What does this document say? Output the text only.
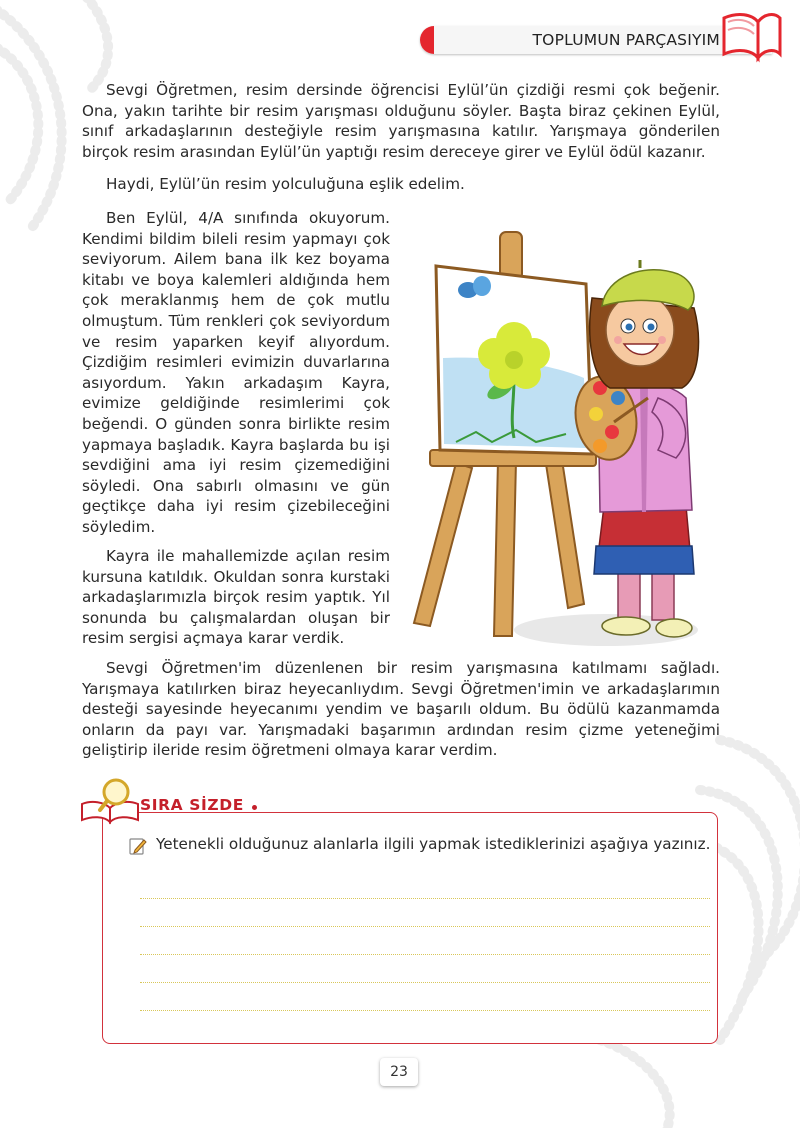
TOPLUMUN PARÇASIYIM

Sevgi Öğretmen, resim dersinde öğrencisi Eylül’ün çizdiği resmi çok beğenir. Ona, yakın tarihte bir resim yarışması olduğunu söyler. Başta biraz çekinen Eylül, sınıf arkadaşlarının desteğiyle resim yarışmasına katılır. Yarışmaya gönderilen birçok resim arasından Eylül’ün yaptığı resim dereceye girer ve Eylül ödül kazanır.

Haydi, Eylül’ün resim yolculuğuna eşlik edelim.

Ben Eylül, 4/A sınıfında okuyorum. Kendimi bildim bileli resim yapmayı çok seviyorum. Ailem bana ilk kez boyama kitabı ve boya kalemleri aldığında hem çok meraklanmış hem de çok mutlu olmuştum. Tüm renkleri çok seviyordum ve resim yaparken keyif alıyordum. Çizdiğim resimleri evimizin duvarlarına asıyordum. Yakın arkadaşım Kayra, evimize geldiğinde resimlerimi çok beğendi. O günden sonra birlikte resim yapmaya başladık. Kayra başlarda bu işi sevdiğini ama iyi resim çizemediğini söyledi. Ona sabırlı olmasını ve gün geçtikçe daha iyi resim çizebileceğini söyledim.

Kayra ile mahallemizde açılan resim kursuna katıldık. Okuldan sonra kurstaki arkadaşlarımızla birçok resim yaptık. Yıl sonunda bu çalışmalardan oluşan bir resim sergisi açmaya karar verdik.

Sevgi Öğretmen'im düzenlenen bir resim yarışmasına katılmamı sağladı. Yarışmaya katılırken biraz heyecanlıydım. Sevgi Öğretmen'imin ve arkadaşlarımın desteği sayesinde heyecanımı yendim ve başarılı oldum. Bu ödülü kazanmamda onların da payı var. Yarışmadaki başarımın ardından resim çizme yeteneğimi geliştirip ileride resim öğretmeni olmaya karar verdim.

SIRA SİZDE

Yetenekli olduğunuz alanlarla ilgili yapmak istediklerinizi aşağıya yazınız.

23
